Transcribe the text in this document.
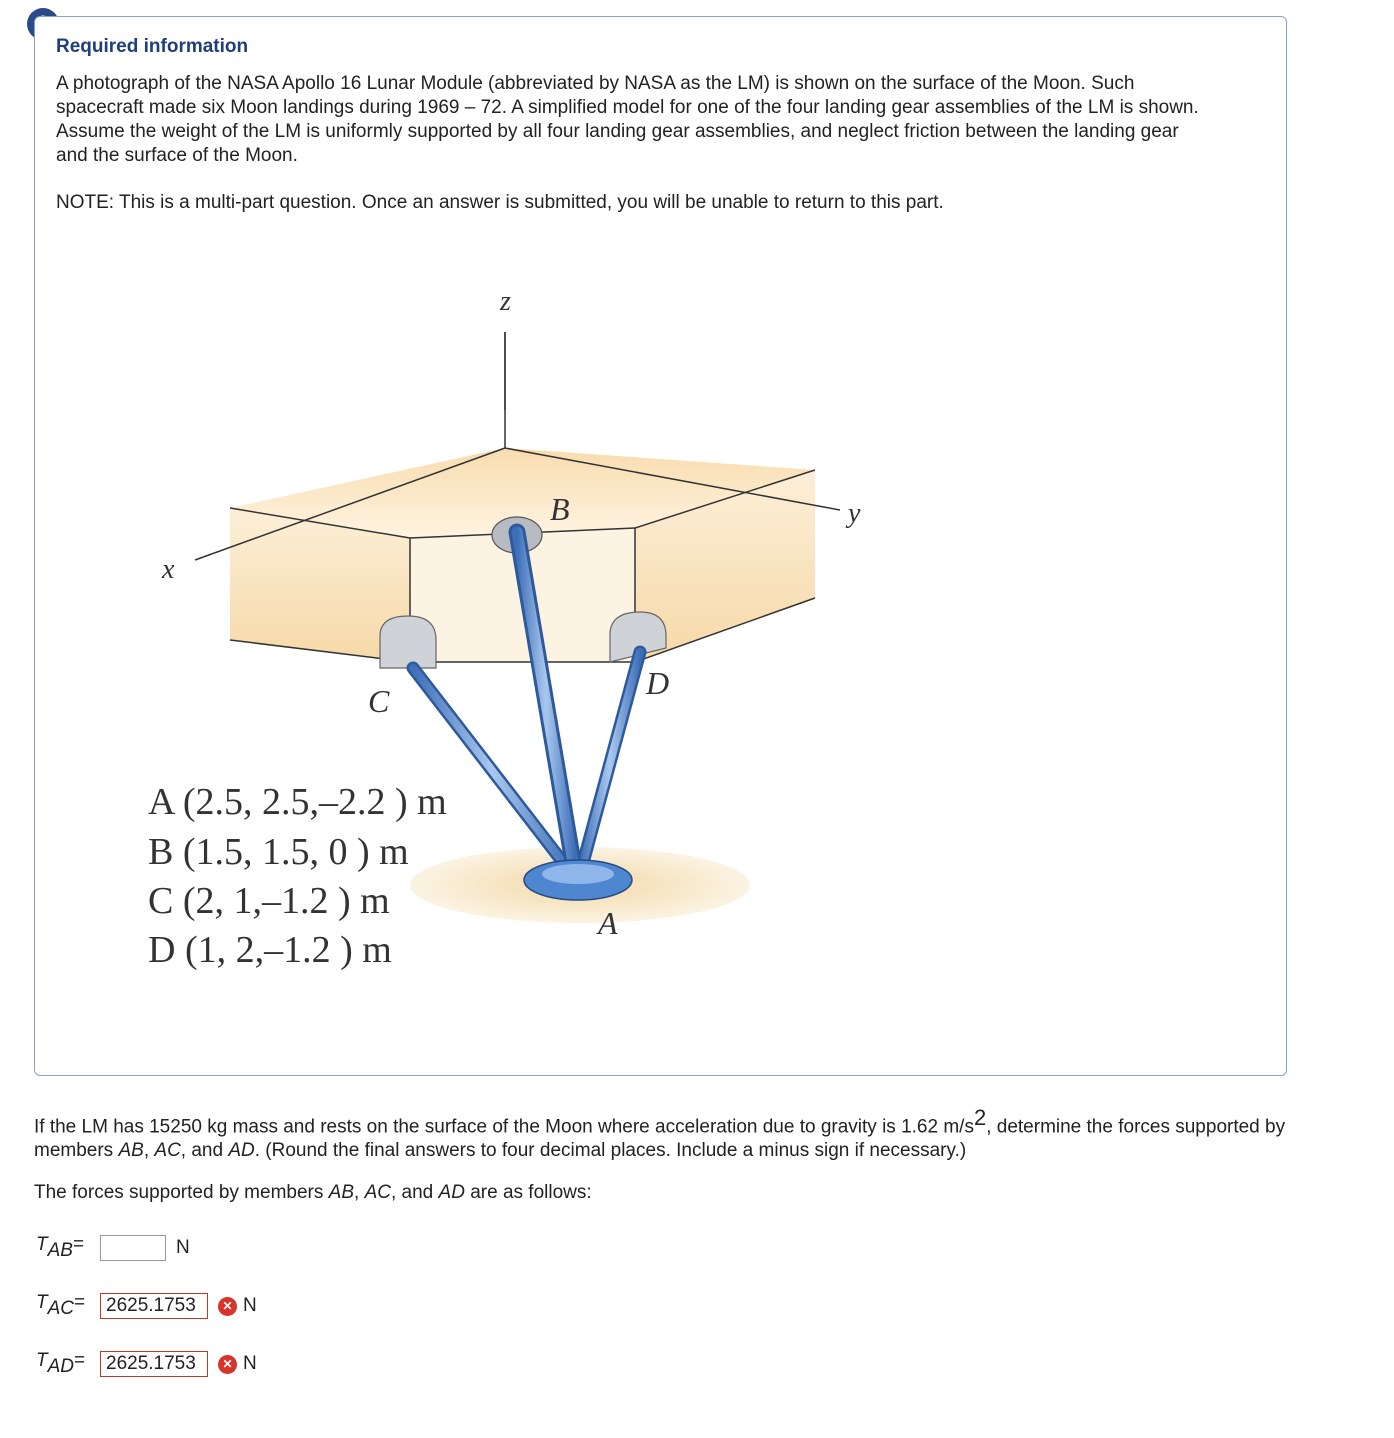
Required information
A photograph of the NASA Apollo 16 Lunar Module (abbreviated by NASA as the LM) is shown on the surface of the Moon. Such spacecraft made six Moon landings during 1969 – 72. A simplified model for one of the four landing gear assemblies of the LM is shown. Assume the weight of the LM is uniformly supported by all four landing gear assemblies, and neglect friction between the landing gear and the surface of the Moon.
NOTE: This is a multi-part question. Once an answer is submitted, you will be unable to return to this part.
z
y
x
B
C	D
A
A (2.5, 2.5,–2.2 ) m
B (1.5, 1.5, 0 ) m
C (2, 1,–1.2 ) m
D (1, 2,–1.2 ) m
If the LM has 15250 kg mass and rests on the surface of the Moon where acceleration due to gravity is 1.62 $m/s^2$, determine the forces supported by members AB, AC, and AD. (Round the final answers to four decimal places. Include a minus sign if necessary.)
The forces supported by members AB, AC, and AD are as follows:
$T_{AB}=$	N
$T_{AC}=$
2625.1753	✕ N
$T_{AD}=$
2625.1753	✕ N
